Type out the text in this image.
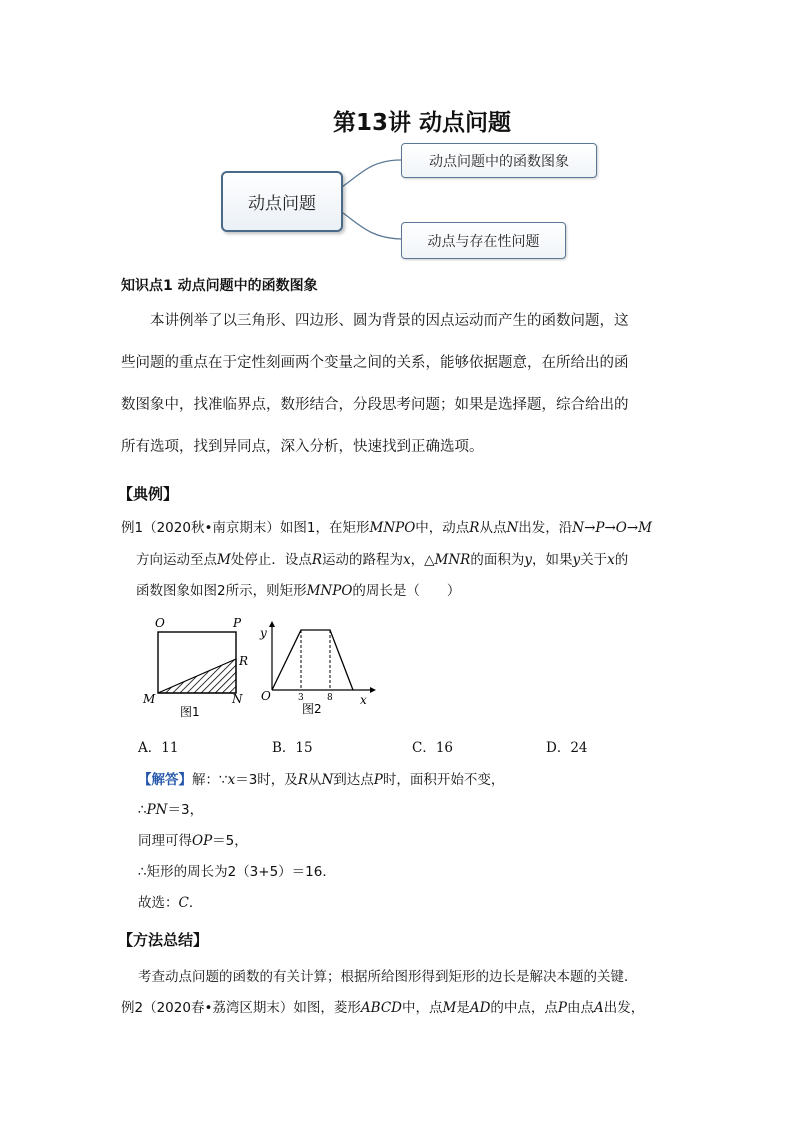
第13讲 动点问题
动点问题
动点问题中的函数图象
动点与存在性问题
知识点1 动点问题中的函数图象
本讲例举了以三角形、四边形、圆为背景的因点运动而产生的函数问题，这
些问题的重点在于定性刻画两个变量之间的关系，能够依据题意，在所给出的函
数图象中，找准临界点，数形结合，分段思考问题；如果是选择题，综合给出的
所有选项，找到异同点，深入分析，快速找到正确选项。
【典例】
例1（2020秋•南京期末）如图1，在矩形MNPO中，动点R从点N出发，沿N→P→O→M
方向运动至点M处停止．设点R运动的路程为x，△MNR的面积为y，如果y关于x的
函数图象如图2所示，则矩形MNPO的周长是（　　）
O	P
R
M	N
图1
y
x
O	3	8
图2
A．11	B．15	C．16	D．24
【解答】解：∵x＝3时，及R从N到达点P时，面积开始不变，
∴PN＝3，
同理可得OP＝5，
∴矩形的周长为2（3+5）＝16．
故选：C．
【方法总结】
考查动点问题的函数的有关计算；根据所给图形得到矩形的边长是解决本题的关键．
例2（2020春•荔湾区期末）如图，菱形ABCD中，点M是AD的中点，点P由点A出发，
